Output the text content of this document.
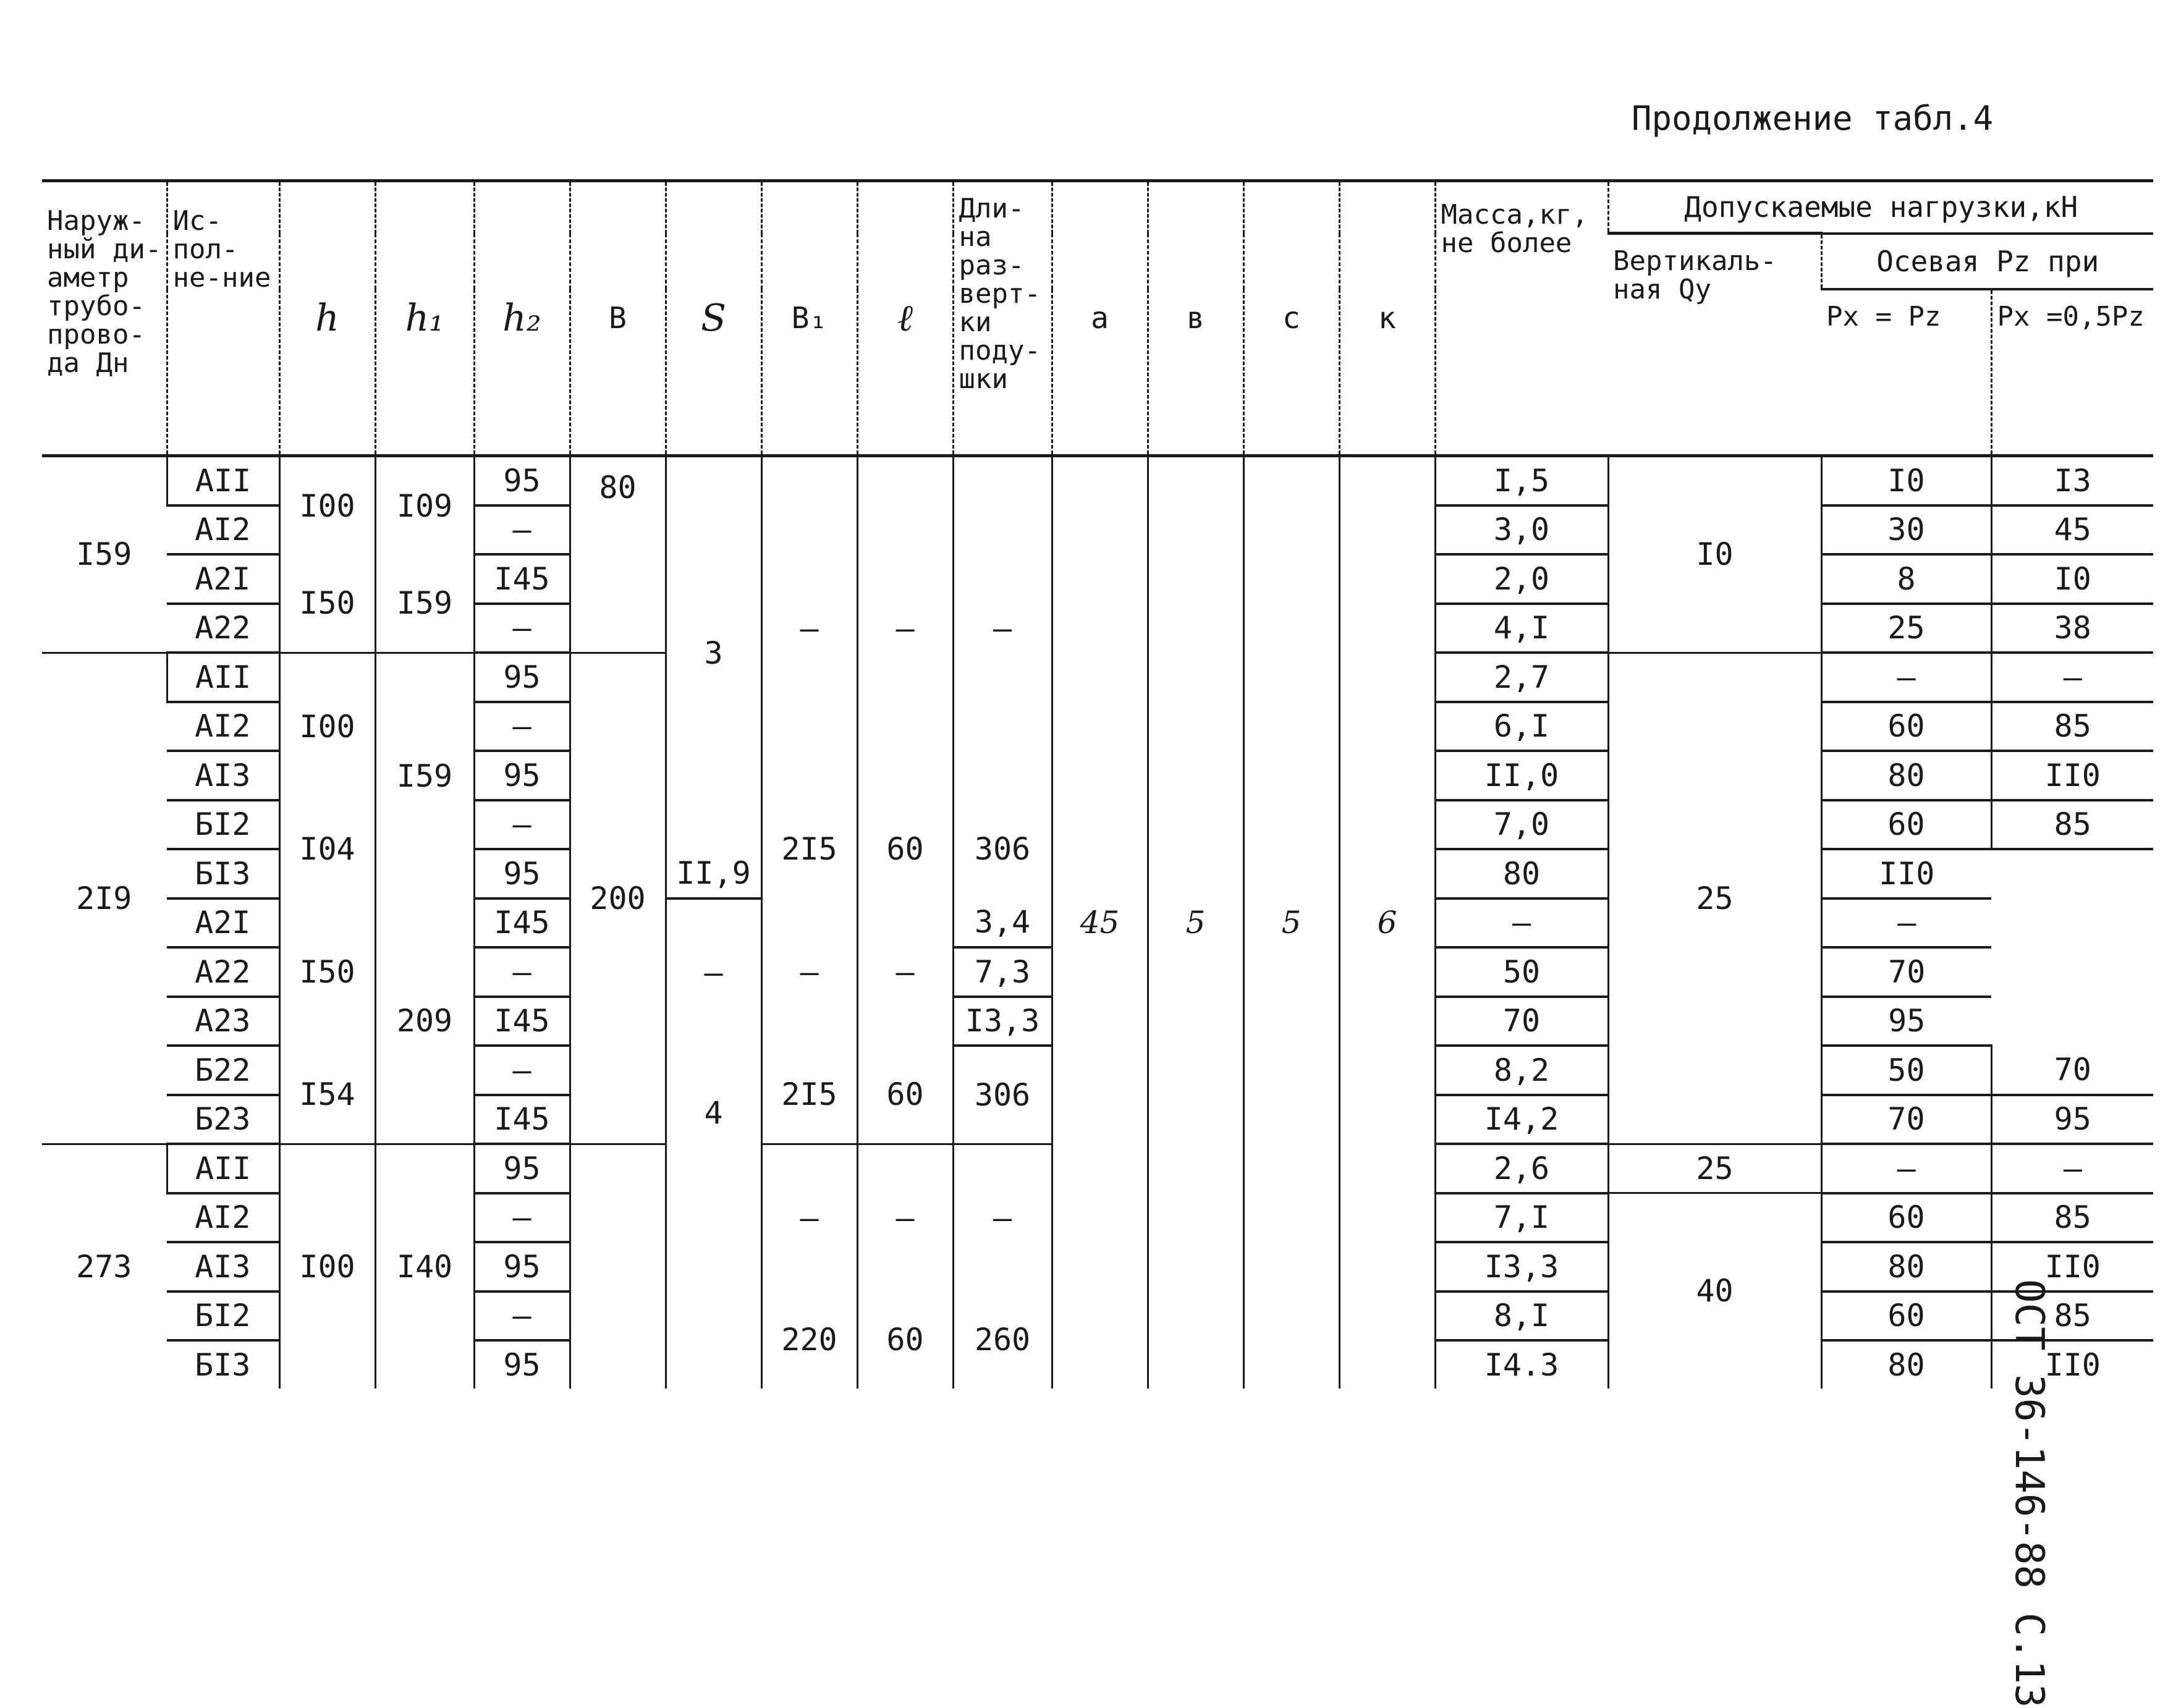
Продолжение табл.4
Наруж-ный ди-аметр трубо-прово-да Дн	Ис-пол-не-ние	h	h₁	h₂	В	S	В₁	ℓ	Дли-на раз-верт-ки поду-шки	а	в	с	к	Масса,кг, не более	Допускаемые нагрузки,кН		
															Вертикаль-ная Qу	Осевая Рz при	
																Рx = Рz	Рx =0,5Рz
I59	АII	I00	I09	95	80	3	–	–	–	45	5	5	6	I,5	I0	I0	I3
	АI2			–										3,0		30	45
	А2I	I50	I59	I45										2,0		8	I0
	А22			–										4,I		25	38
2I9	АII	I00	I59	95	200									2,7	25	–	–
	АI2			–										6,I		60	85
	АI3			95										II,0		80	II0
	БI2	I04		–			2I5	60	306					7,0		60	85
	БI3			95		II,9								80		II0	
	А2I	I50	209	I45		–	–	–	3,4					–		–	
	А22			–					7,3					50		70	
	А23			I45					I3,3					70		95	
	Б22	I54		–		4	2I5	60	306					8,2		50	70
	Б23			I45										I4,2		70	95
273	АII	I00	I40	95			–	–	–					2,6	25	–	–
	АI2			–										7,I	40	60	85
	АI3			95										I3,3		80	II0
	БI2			–			220	60	260					8,I		60	85
	БI3			95										I4.3		80	II0
ОСТ 36-146-88 С.13
